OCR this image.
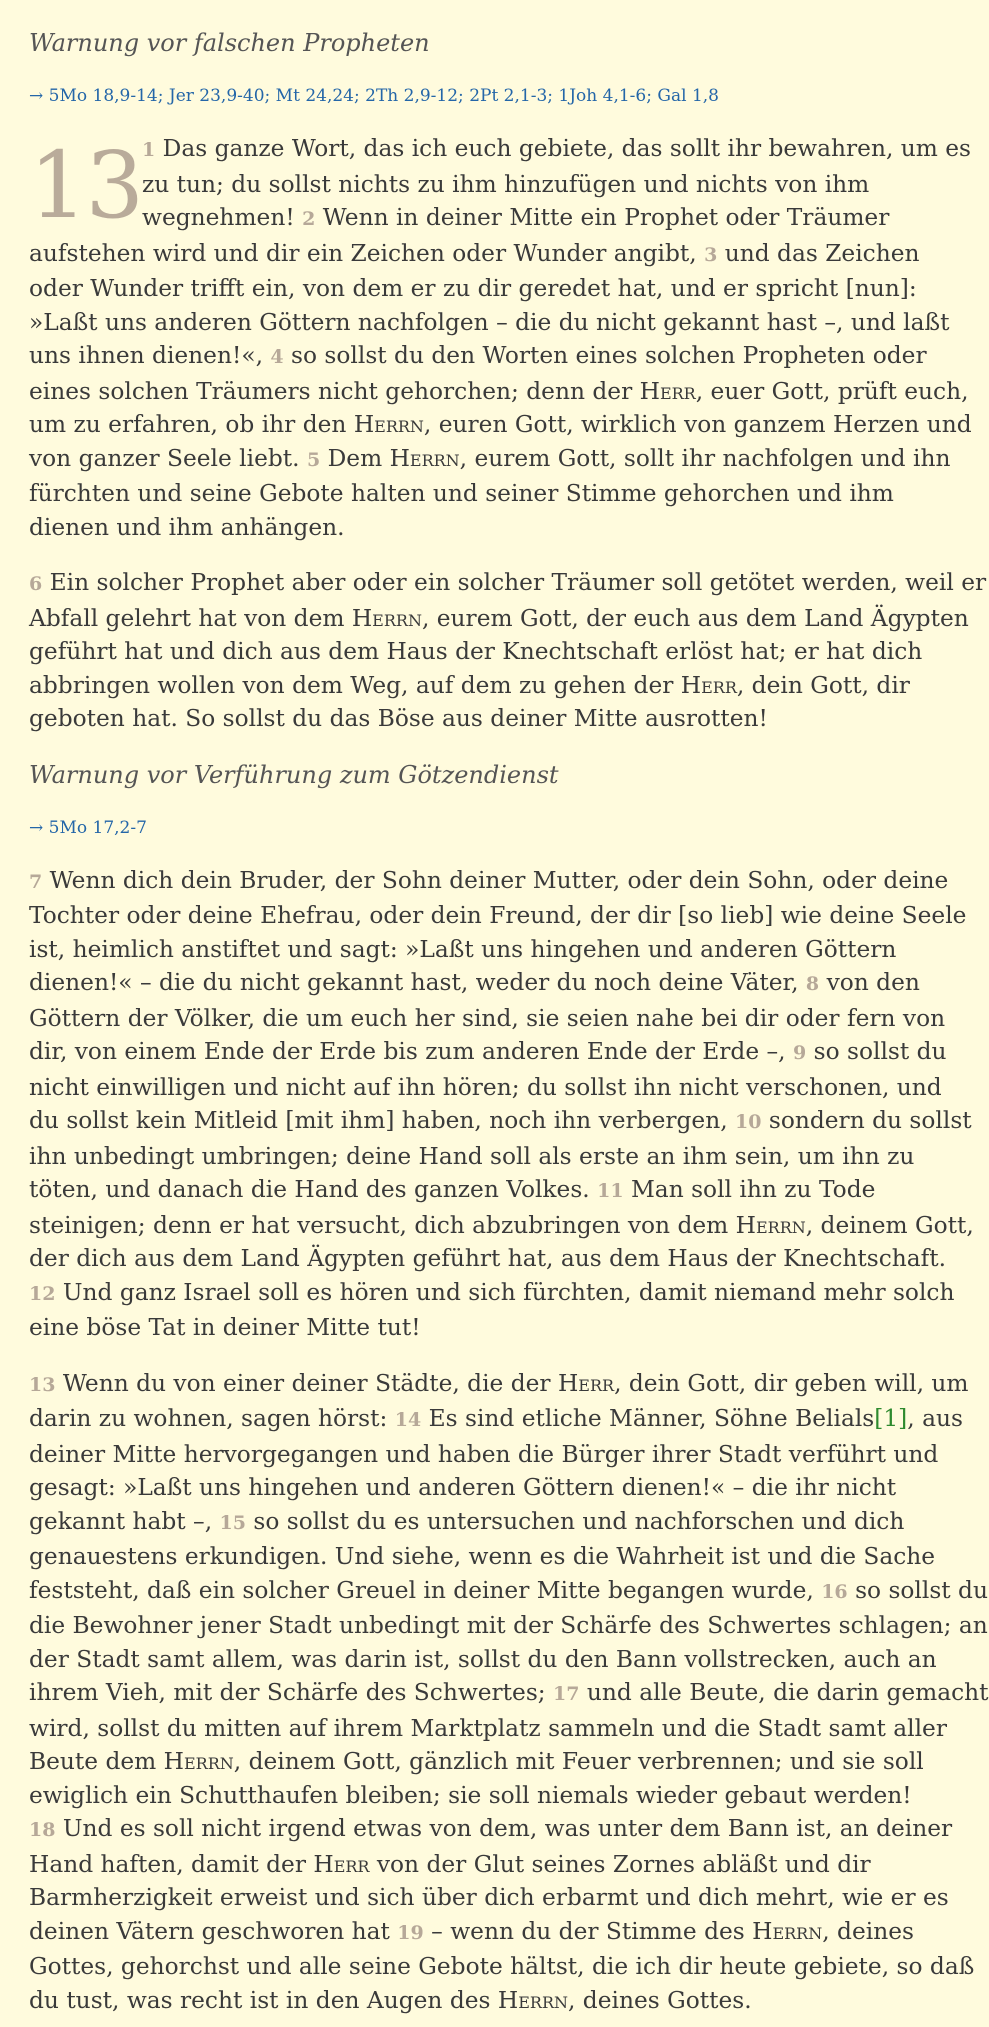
Warnung vor falschen Propheten
→ 5Mo 18,9-14; Jer 23,9-40; Mt 24,24; 2Th 2,9-12; 2Pt 2,1-3; 1Joh 4,1-6; Gal 1,8
13 1 Das ganze Wort, das ich euch gebiete, das sollt ihr bewahren, um es
zu tun; du sollst nichts zu ihm hinzufügen und nichts von ihm
wegnehmen! 2 Wenn in deiner Mitte ein Prophet oder Träumer
aufstehen wird und dir ein Zeichen oder Wunder angibt, 3 und das Zeichen
oder Wunder trifft ein, von dem er zu dir geredet hat, und er spricht [nun]:
»Laßt uns anderen Göttern nachfolgen – die du nicht gekannt hast –, und laßt
uns ihnen dienen!«, 4 so sollst du den Worten eines solchen Propheten oder
eines solchen Träumers nicht gehorchen; denn der Herr, euer Gott, prüft euch,
um zu erfahren, ob ihr den Herrn, euren Gott, wirklich von ganzem Herzen und
von ganzer Seele liebt. 5 Dem Herrn, eurem Gott, sollt ihr nachfolgen und ihn
fürchten und seine Gebote halten und seiner Stimme gehorchen und ihm
dienen und ihm anhängen.
6 Ein solcher Prophet aber oder ein solcher Träumer soll getötet werden, weil er
Abfall gelehrt hat von dem Herrn, eurem Gott, der euch aus dem Land Ägypten
geführt hat und dich aus dem Haus der Knechtschaft erlöst hat; er hat dich
abbringen wollen von dem Weg, auf dem zu gehen der Herr, dein Gott, dir
geboten hat. So sollst du das Böse aus deiner Mitte ausrotten!
Warnung vor Verführung zum Götzendienst
→ 5Mo 17,2-7
7 Wenn dich dein Bruder, der Sohn deiner Mutter, oder dein Sohn, oder deine
Tochter oder deine Ehefrau, oder dein Freund, der dir [so lieb] wie deine Seele
ist, heimlich anstiftet und sagt: »Laßt uns hingehen und anderen Göttern
dienen!« – die du nicht gekannt hast, weder du noch deine Väter, 8 von den
Göttern der Völker, die um euch her sind, sie seien nahe bei dir oder fern von
dir, von einem Ende der Erde bis zum anderen Ende der Erde –, 9 so sollst du
nicht einwilligen und nicht auf ihn hören; du sollst ihn nicht verschonen, und
du sollst kein Mitleid [mit ihm] haben, noch ihn verbergen, 10 sondern du sollst
ihn unbedingt umbringen; deine Hand soll als erste an ihm sein, um ihn zu
töten, und danach die Hand des ganzen Volkes. 11 Man soll ihn zu Tode
steinigen; denn er hat versucht, dich abzubringen von dem Herrn, deinem Gott,
der dich aus dem Land Ägypten geführt hat, aus dem Haus der Knechtschaft.
12 Und ganz Israel soll es hören und sich fürchten, damit niemand mehr solch
eine böse Tat in deiner Mitte tut!
13 Wenn du von einer deiner Städte, die der Herr, dein Gott, dir geben will, um
darin zu wohnen, sagen hörst: 14 Es sind etliche Männer, Söhne Belials[1], aus
deiner Mitte hervorgegangen und haben die Bürger ihrer Stadt verführt und
gesagt: »Laßt uns hingehen und anderen Göttern dienen!« – die ihr nicht
gekannt habt –, 15 so sollst du es untersuchen und nachforschen und dich
genauestens erkundigen. Und siehe, wenn es die Wahrheit ist und die Sache
feststeht, daß ein solcher Greuel in deiner Mitte begangen wurde, 16 so sollst du
die Bewohner jener Stadt unbedingt mit der Schärfe des Schwertes schlagen; an
der Stadt samt allem, was darin ist, sollst du den Bann vollstrecken, auch an
ihrem Vieh, mit der Schärfe des Schwertes; 17 und alle Beute, die darin gemacht
wird, sollst du mitten auf ihrem Marktplatz sammeln und die Stadt samt aller
Beute dem Herrn, deinem Gott, gänzlich mit Feuer verbrennen; und sie soll
ewiglich ein Schutthaufen bleiben; sie soll niemals wieder gebaut werden!
18 Und es soll nicht irgend etwas von dem, was unter dem Bann ist, an deiner
Hand haften, damit der Herr von der Glut seines Zornes abläßt und dir
Barmherzigkeit erweist und sich über dich erbarmt und dich mehrt, wie er es
deinen Vätern geschworen hat 19 – wenn du der Stimme des Herrn, deines
Gottes, gehorchst und alle seine Gebote hältst, die ich dir heute gebiete, so daß
du tust, was recht ist in den Augen des Herrn, deines Gottes.
